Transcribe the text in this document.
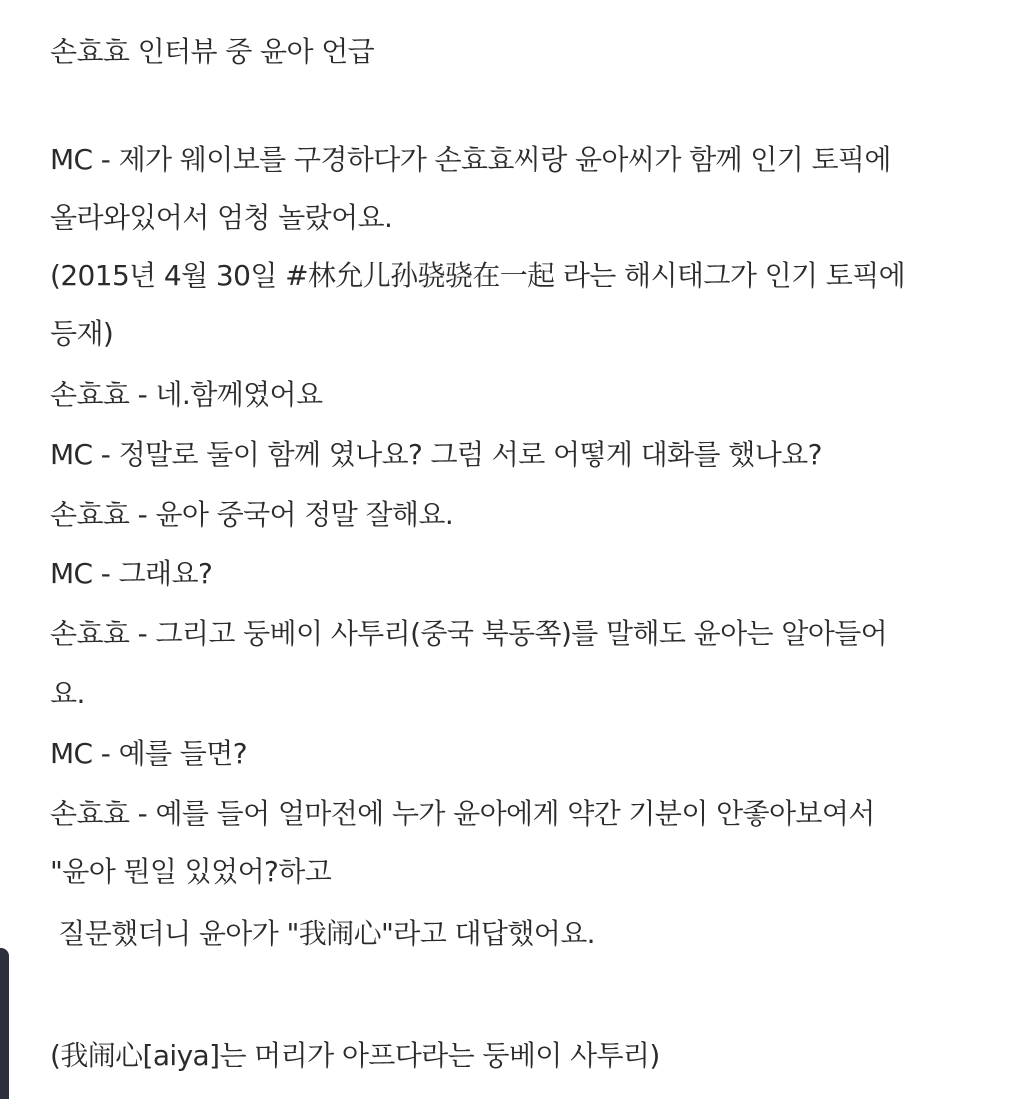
손효효 인터뷰 중 윤아 언급
MC - 제가 웨이보를 구경하다가 손효효씨랑 윤아씨가 함께 인기 토픽에
올라와있어서 엄청 놀랐어요.
(2015년 4월 30일 #林允儿孙骁骁在一起 라는 해시태그가 인기 토픽에
등재)
손효효 - 네.함께였어요
MC - 정말로 둘이 함께 였나요? 그럼 서로 어떻게 대화를 했나요?
손효효 - 윤아 중국어 정말 잘해요.
MC - 그래요?
손효효 - 그리고 둥베이 사투리(중국 북동쪽)를 말해도 윤아는 알아들어
요.
MC - 예를 들면?
손효효 - 예를 들어 얼마전에 누가 윤아에게 약간 기분이 안좋아보여서
"윤아 뭔일 있었어?하고
질문했더니 윤아가 "我闹心"라고 대답했어요.
(我闹心[aiya]는 머리가 아프다라는 둥베이 사투리)
